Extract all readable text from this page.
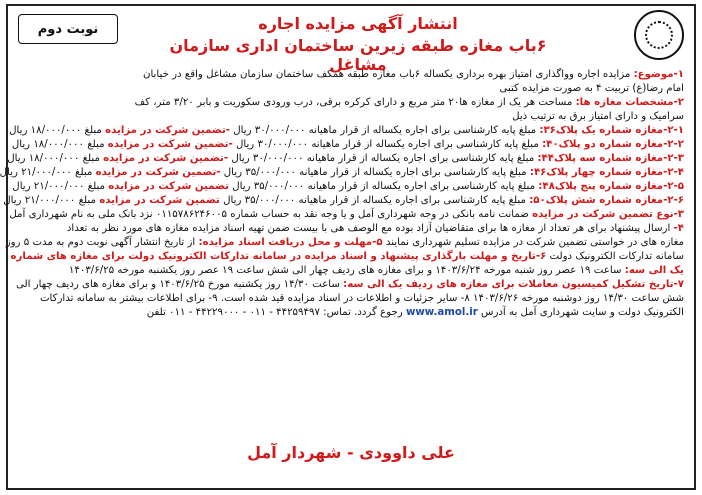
نوبت دوم	انتشار آگهی مزایده اجاره
۶باب مغازه طبقه زیرین ساختمان اداری سازمان مشاغل
۱-موضوع: مزایده اجاره وواگذاری امتیاز بهره برداری یکساله ۶باب مغازه طبقه همکف ساختمان سازمان مشاغل واقع در خیابان
امام رضا(ع) تربیت ۴ به صورت مزایده کتبی
۲-مشخصات مغازه ها: مساحت هر یک از مغازه ها۲۰ متر مربع و دارای کرکره برقی، درب ورودی سکوریت و بابر ۳/۲۰ متر، کف
سرامیک و دارای امتیاز برق به ترتیب ذیل
۲-۱-مغازه شماره یک پلاک۳۶: مبلغ پایه کارشناسی برای اجاره یکساله از قرار ماهیانه ۳۰/۰۰۰/۰۰۰ ریال -تضمین شرکت در مزایده مبلغ ۱۸/۰۰۰/۰۰۰ ریال
۲-۲-مغازه شماره دو پلاک۴۰: مبلغ پایه کارشناسی برای اجاره یکساله از قرار ماهیانه ۳۰/۰۰۰/۰۰۰ ریال -تضمین شرکت در مزایده مبلغ ۱۸/۰۰۰/۰۰۰ ریال
۲-۳-مغازه شماره سه پلاک۴۴: مبلغ پایه کارشناسی برای اجاره یکساله از قرار ماهیانه ۳۰/۰۰۰/۰۰۰ ریال -تضمین شرکت در مزایده مبلغ ۱۸/۰۰۰/۰۰۰ ریال
۲-۴-مغازه شماره چهار پلاک۴۶: مبلغ پایه کارشناسی برای اجاره یکساله از قرار ماهیانه ۳۵/۰۰۰/۰۰۰ ریال -تضمین شرکت در مزایده مبلغ ۲۱/۰۰۰/۰۰۰ ریال
۲-۵-مغازه شماره پنج پلاک۴۸: مبلغ پایه کارشناسی برای اجاره یکساله از قرار ماهیانه ۳۵/۰۰۰/۰۰۰ ریال تضمین شرکت در مزایده مبلغ ۲۱/۰۰۰/۰۰۰ ریال
۲-۶-مغازه شماره شش پلاک۵۰: مبلغ پایه کارشناسی برای اجاره یکساله از قرار ماهیانه ۳۵/۰۰۰/۰۰۰ ریال تضمین شرکت در مزایده مبلغ ۲۱/۰۰۰/۰۰۰ ریال
۳-نوع تضمین شرکت در مزایده ضمانت نامه بانکی در وجه شهرداری آمل و یا وجه نقد به حساب شماره ۰۱۱۵۷۸۶۲۴۶۰۰۵ نزد بانک ملی به نام شهرداری آمل
۴- ارسال پیشنهاد برای هر تعداد از مغازه ها برای متقاضیان آزاد بوده مع الوصف هی با بیست ضمن تهیه اسناد مزایده مغازه های مورد نظر به تعداد
مغازه های در خواستی تضمین شرکت در مزایده تسلیم شهرداری نمایند ۵-مهلت و محل دریافت اسناد مزایده: از تاریخ انتشار آگهی نوبت دوم به مدت ۵ روز
سامانه تدارکات الکترونیک دولت ۶-تاریخ و مهلت بارگذاری پیشنهاد و اسناد مزایده در سامانه تدارکات الکترونیک دولت برای مغازه های شماره
یک الی سه: ساعت ۱۹ عصر روز شنبه مورخه ۱۴۰۳/۶/۲۴ و برای مغازه های ردیف چهار الی شش ساعت ۱۹ عصر روز یکشنبه مورخه ۱۴۰۳/۶/۲۵
۷-تاریخ تشکیل کمیسیون معاملات برای مغازه های ردیف یک الی سه: ساعت ۱۴/۳۰ روز یکشنبه مورخ ۱۴۰۳/۶/۲۵ و برای مغازه های ردیف چهار الی
شش ساعت ۱۴/۳۰ روز دوشنبه مورخه ۱۴۰۳/۶/۲۶ ۸- سایر جزئیات و اطلاعات در اسناد مزایده قید شده است. ۹- برای اطلاعات بیشتر به سامانه تدارکات
الکترونیک دولت و سایت شهرداری آمل به آدرس www.amol.ir رجوع گردد. تماس: ۴۴۲۵۹۴۹۷ - ۰۱۱ - ۴۴۲۲۹۰۰۰ - ۰۱۱ تلفن
علی داوودی - شهردار آمل
